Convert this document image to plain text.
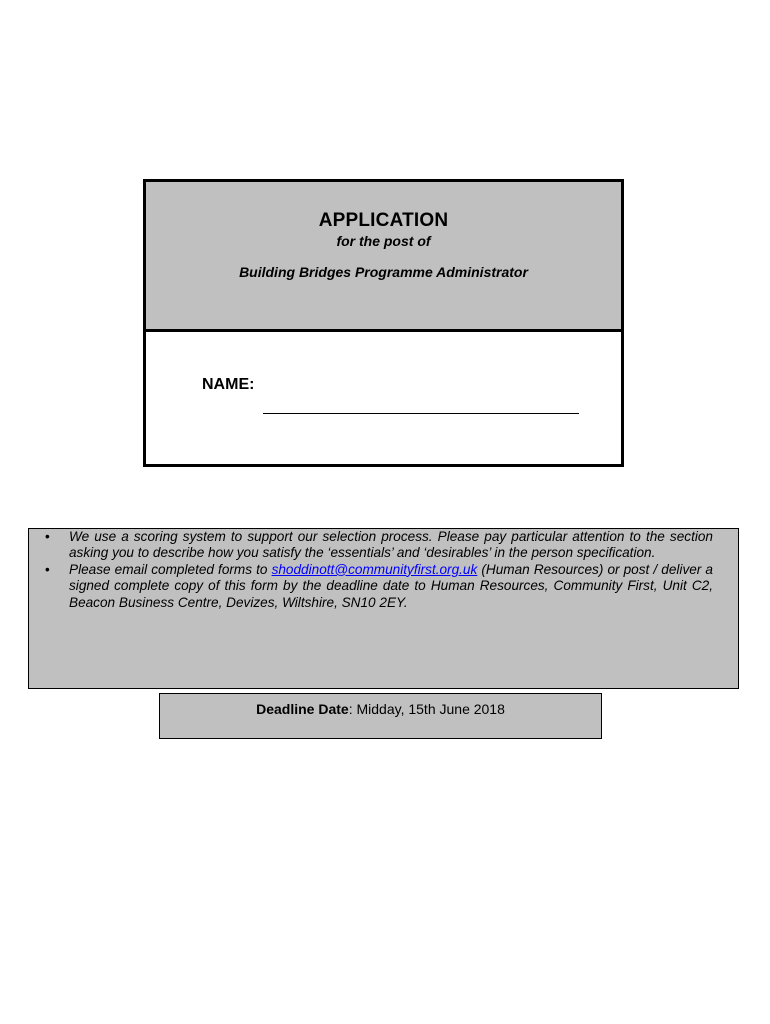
APPLICATION
for the post of
Building Bridges Programme Administrator
NAME:
• We use a scoring system to support our selection process. Please pay particular attention to the section asking you to describe how you satisfy the ‘essentials’ and ‘desirables’ in the person specification.
• Please email completed forms to shoddinott@communityfirst.org.uk (Human Resources) or post / deliver a signed complete copy of this form by the deadline date to Human Resources, Community First, Unit C2, Beacon Business Centre, Devizes, Wiltshire, SN10 2EY.
Deadline Date: Midday, 15th June 2018
